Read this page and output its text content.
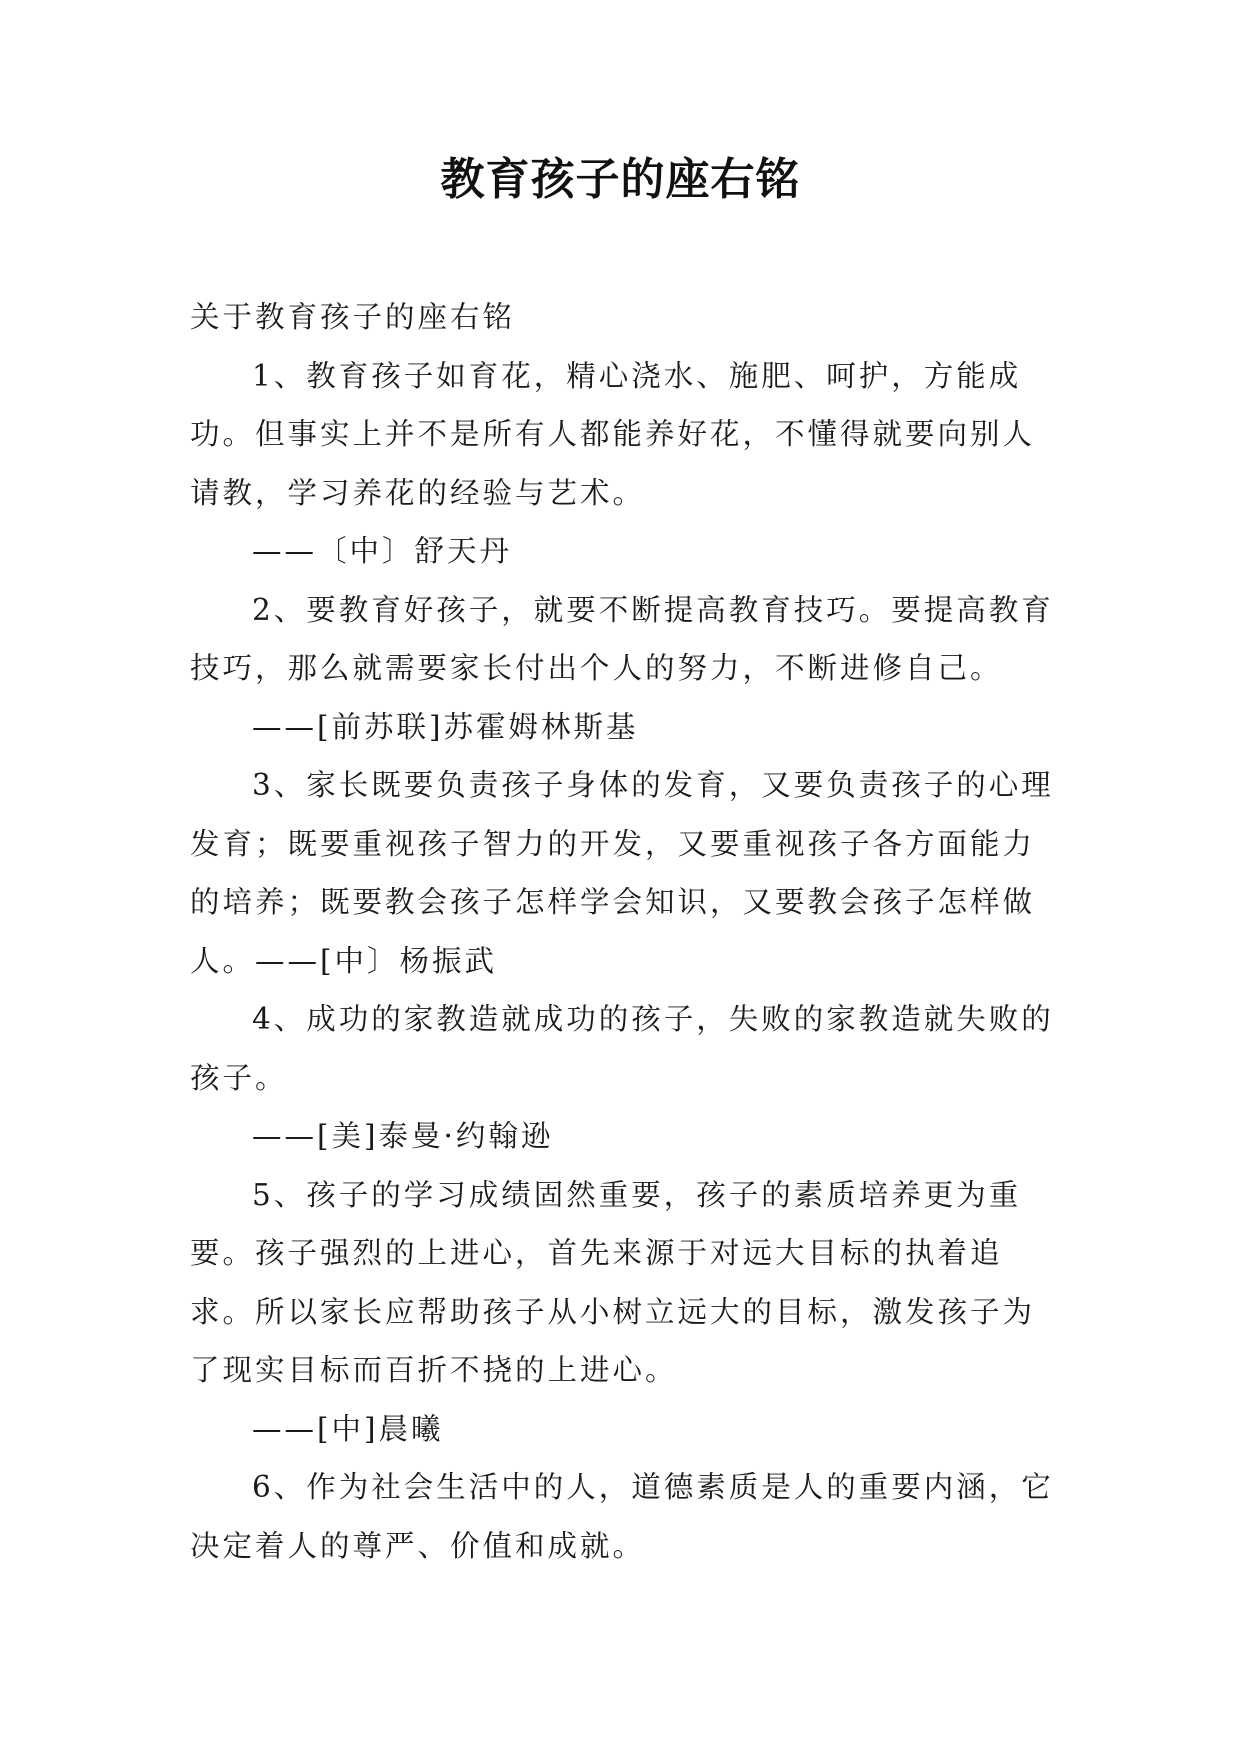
教育孩子的座右铭

关于教育孩子的座右铭

1、教育孩子如育花，精心浇水、施肥、呵护，方能成功。但事实上并不是所有人都能养好花，不懂得就要向别人请教，学习养花的经验与艺术。

——〔中〕舒天丹

2、要教育好孩子，就要不断提高教育技巧。要提高教育技巧，那么就需要家长付出个人的努力，不断进修自己。

——[前苏联]苏霍姆林斯基

3、家长既要负责孩子身体的发育，又要负责孩子的心理发育；既要重视孩子智力的开发，又要重视孩子各方面能力的培养；既要教会孩子怎样学会知识，又要教会孩子怎样做人。——[中〕杨振武

4、成功的家教造就成功的孩子，失败的家教造就失败的孩子。

——[美]泰曼·约翰逊

5、孩子的学习成绩固然重要，孩子的素质培养更为重要。孩子强烈的上进心，首先来源于对远大目标的执着追求。所以家长应帮助孩子从小树立远大的目标，激发孩子为了现实目标而百折不挠的上进心。

——[中]晨曦

6、作为社会生活中的人，道德素质是人的重要内涵，它决定着人的尊严、价值和成就。
